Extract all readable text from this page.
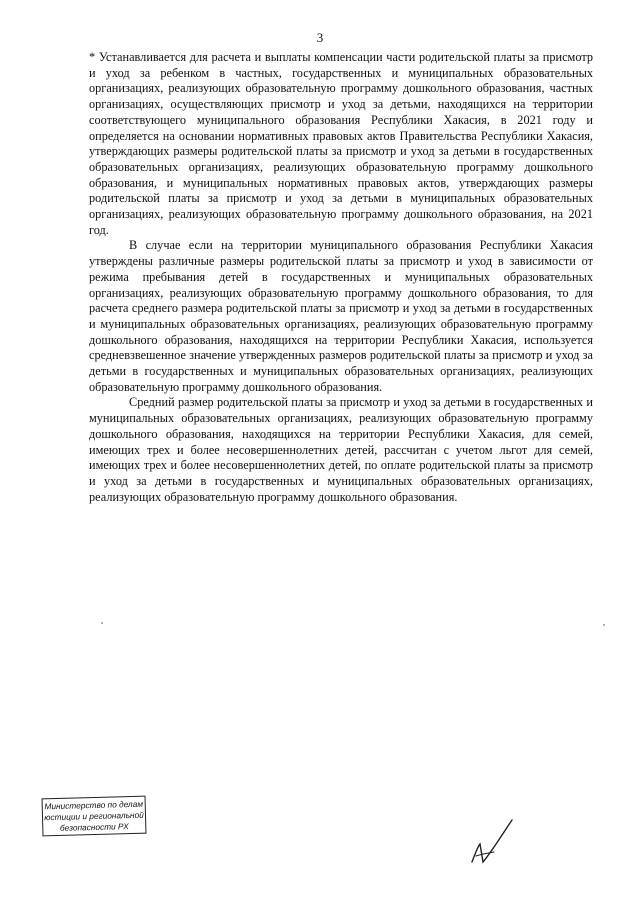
3

* Устанавливается для расчета и выплаты компенсации части родительской платы за присмотр и уход за ребенком в частных, государственных и муниципальных образовательных организациях, реализующих образовательную программу дошкольного образования, частных организациях, осуществляющих присмотр и уход за детьми, находящихся на территории соответствующего муниципального образования Республики Хакасия, в 2021 году и определяется на основании нормативных правовых актов Правительства Республики Хакасия, утверждающих размеры родительской платы за присмотр и уход за детьми в государственных образовательных организациях, реализующих образовательную программу дошкольного образования, и муниципальных нормативных правовых актов, утверждающих размеры родительской платы за присмотр и уход за детьми в муниципальных образовательных организациях, реализующих образовательную программу дошкольного образования, на 2021 год.

В случае если на территории муниципального образования Республики Хакасия утверждены различные размеры родительской платы за присмотр и уход в зависимости от режима пребывания детей в государственных и муниципальных образовательных организациях, реализующих образовательную программу дошкольного образования, то для расчета среднего размера родительской платы за присмотр и уход за детьми в государственных и муниципальных образовательных организациях, реализующих образовательную программу дошкольного образования, находящихся на территории Республики Хакасия, используется средневзвешенное значение утвержденных размеров родительской платы за присмотр и уход за детьми в государственных и муниципальных образовательных организациях, реализующих образовательную программу дошкольного образования.

Средний размер родительской платы за присмотр и уход за детьми в государственных и муниципальных образовательных организациях, реализующих образовательную программу дошкольного образования, находящихся на территории Республики Хакасия, для семей, имеющих трех и более несовершеннолетних детей, рассчитан с учетом льгот для семей, имеющих трех и более несовершеннолетних детей, по оплате родительской платы за присмотр и уход за детьми в государственных и муниципальных образовательных организациях, реализующих образовательную программу дошкольного образования.

Министерство по делам
юстиции и региональной
безопасности РХ
